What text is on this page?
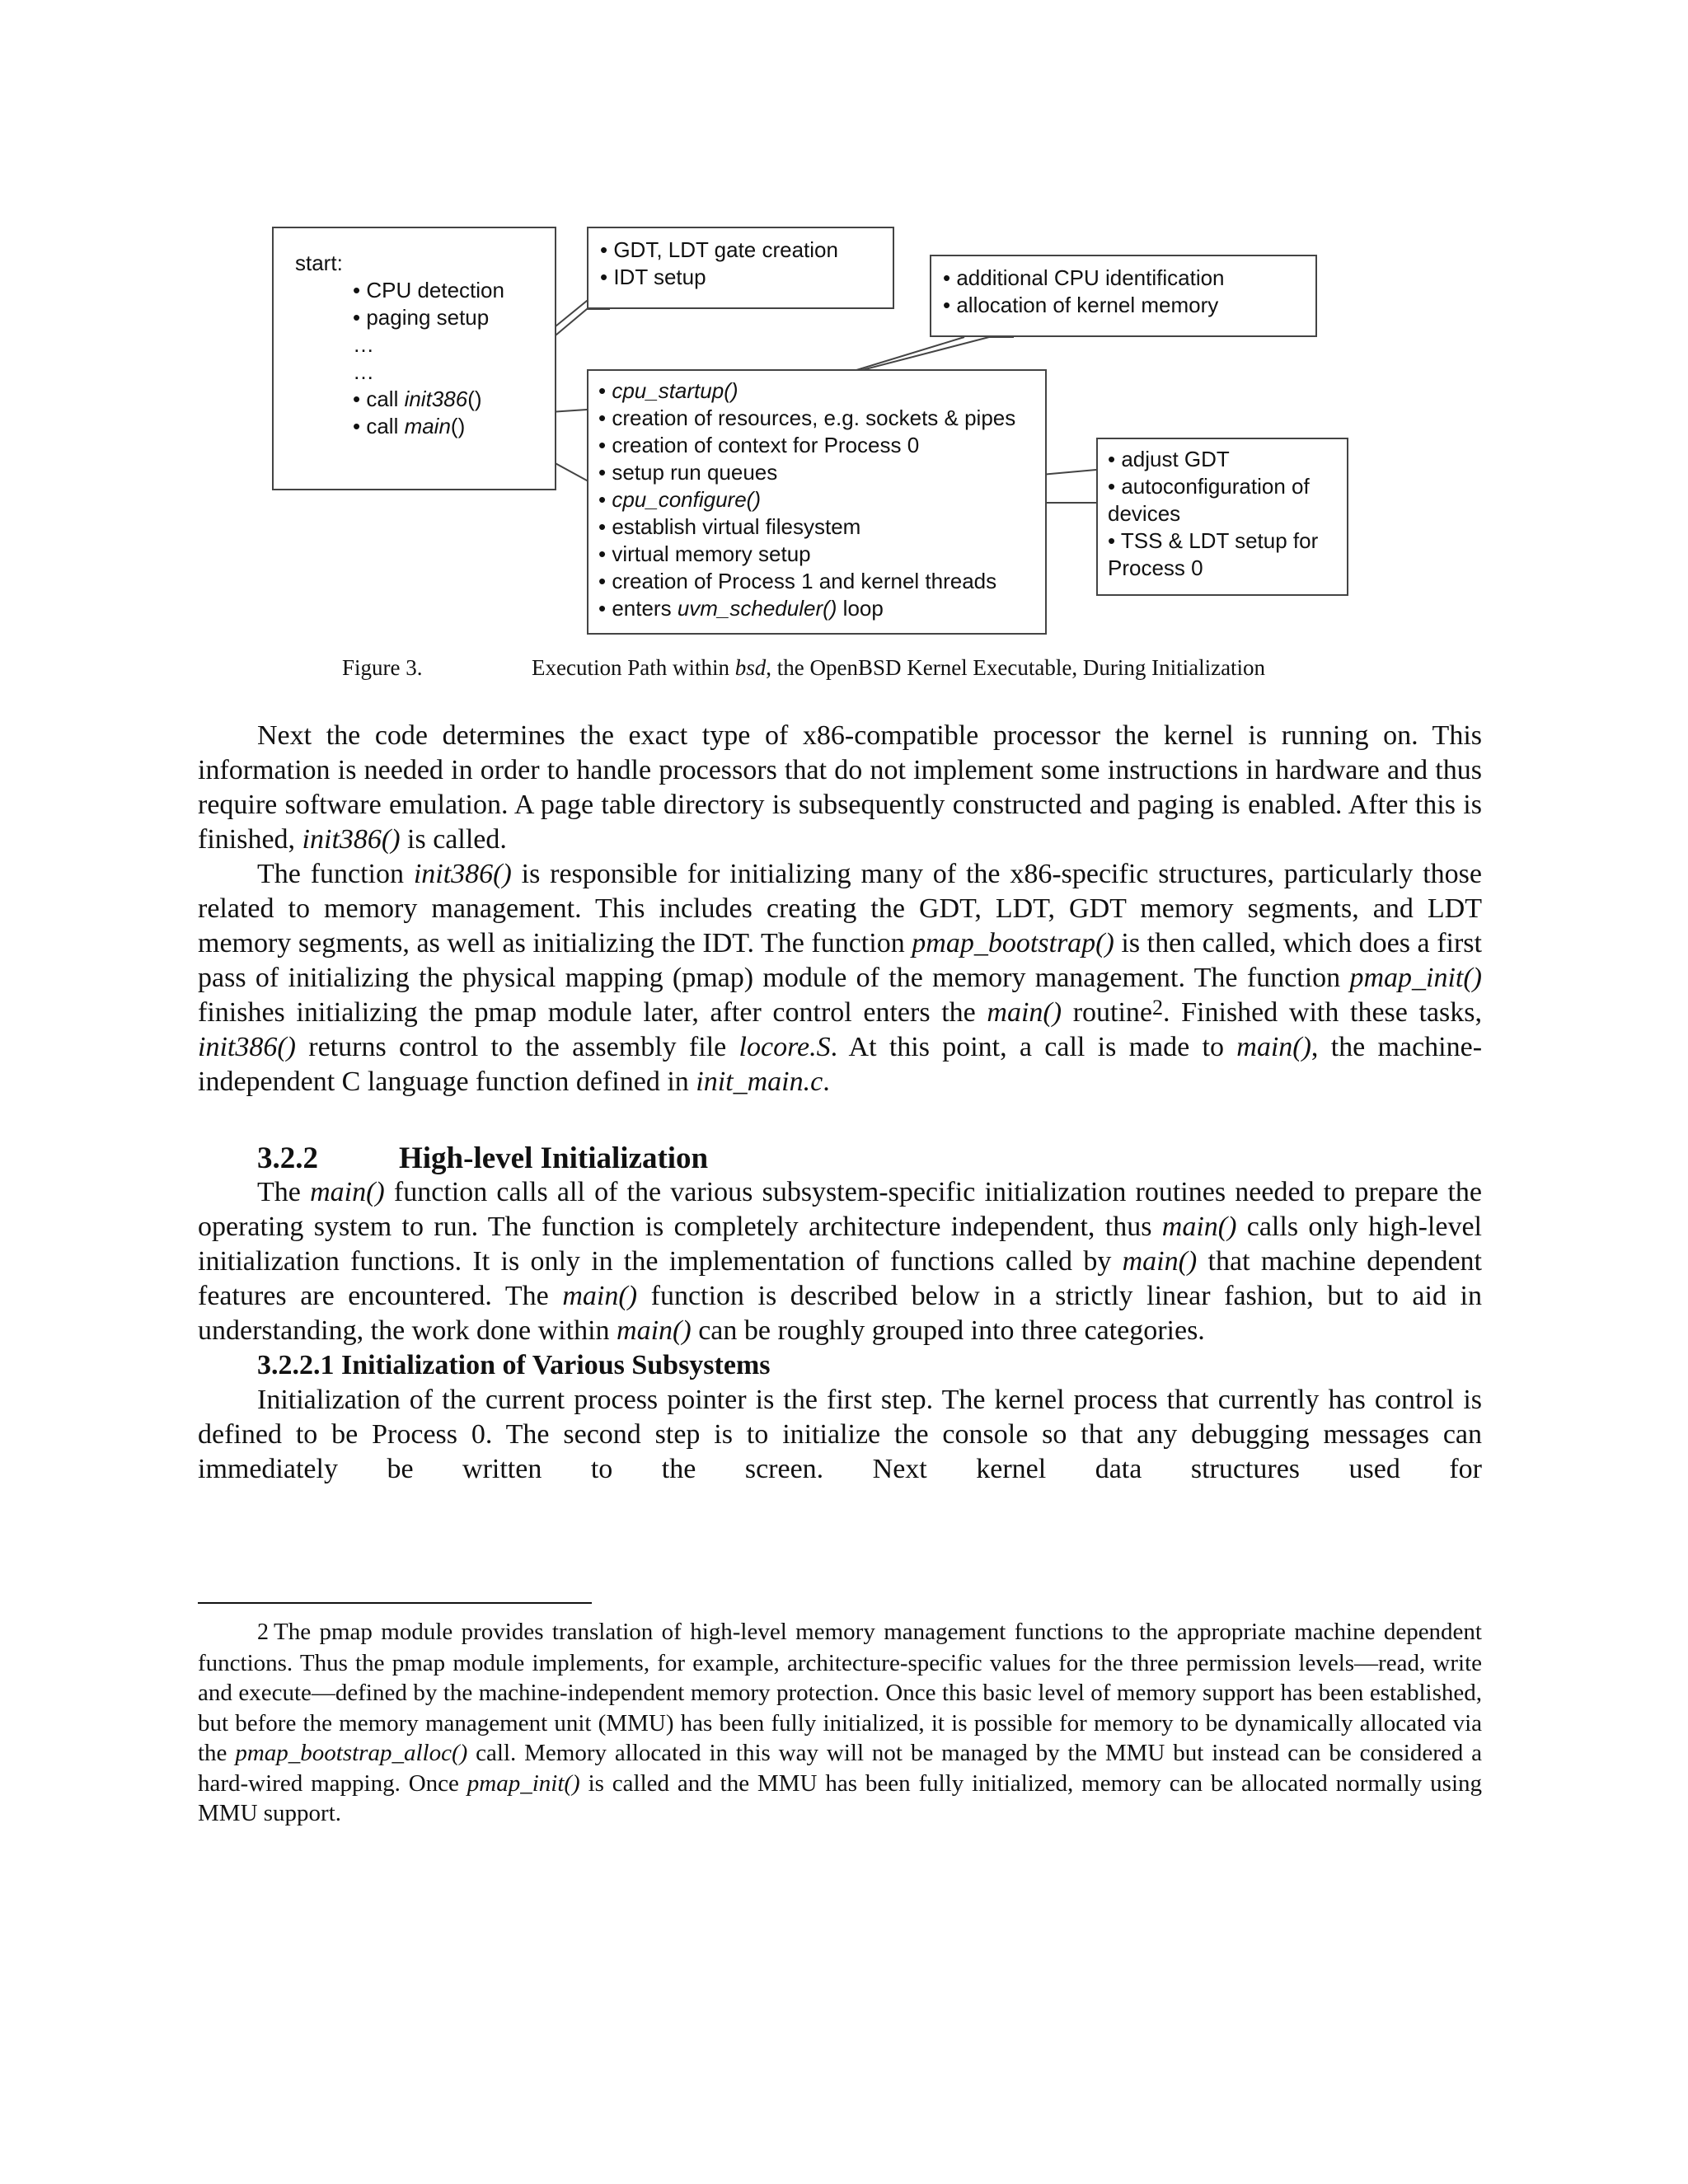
start:
• CPU detection
• paging setup
…
…
• call init386()
• call main()
• GDT, LDT gate creation
• IDT setup	• additional CPU identification
• allocation of kernel memory
• cpu_startup()
• creation of resources, e.g. sockets & pipes
• creation of context for Process 0
• setup run queues
• cpu_configure()
• establish virtual filesystem
• virtual memory setup
• creation of Process 1 and kernel threads
• enters uvm_scheduler() loop
• adjust GDT
• autoconfiguration of devices
• TSS & LDT setup for Process 0
Figure 3.	Execution Path within bsd, the OpenBSD Kernel Executable, During Initialization

Next the code determines the exact type of x86-compatible processor the kernel is running on. This information is needed in order to handle processors that do not implement some instructions in hardware and thus require software emulation. A page table directory is subsequently constructed and paging is enabled. After this is finished, init386() is called.

The function init386() is responsible for initializing many of the x86-specific structures, particularly those related to memory management. This includes creating the GDT, LDT, GDT memory segments, and LDT memory segments, as well as initializing the IDT. The function pmap_bootstrap() is then called, which does a first pass of initializing the physical mapping (pmap) module of the memory management. The function pmap_init() finishes initializing the pmap module later, after control enters the main() routine$^2$. Finished with these tasks, init386() returns control to the assembly file locore.S. At this point, a call is made to main(), the machine-independent C language function defined in init_main.c.

3.2.2	High-level Initialization

The main() function calls all of the various subsystem-specific initialization routines needed to prepare the operating system to run. The function is completely architecture independent, thus main() calls only high-level initialization functions. It is only in the implementation of functions called by main() that machine dependent features are encountered. The main() function is described below in a strictly linear fashion, but to aid in understanding, the work done within main() can be roughly grouped into three categories.

3.2.2.1 Initialization of Various Subsystems

Initialization of the current process pointer is the first step. The kernel process that currently has control is defined to be Process 0. The second step is to initialize the console so that any debugging messages can immediately be written to the screen. Next kernel data structures used for

2 The pmap module provides translation of high-level memory management functions to the appropriate machine dependent functions. Thus the pmap module implements, for example, architecture-specific values for the three permission levels—read, write and execute—defined by the machine-independent memory protection. Once this basic level of memory support has been established, but before the memory management unit (MMU) has been fully initialized, it is possible for memory to be dynamically allocated via the pmap_bootstrap_alloc() call. Memory allocated in this way will not be managed by the MMU but instead can be considered a hard-wired mapping. Once pmap_init() is called and the MMU has been fully initialized, memory can be allocated normally using MMU support.
